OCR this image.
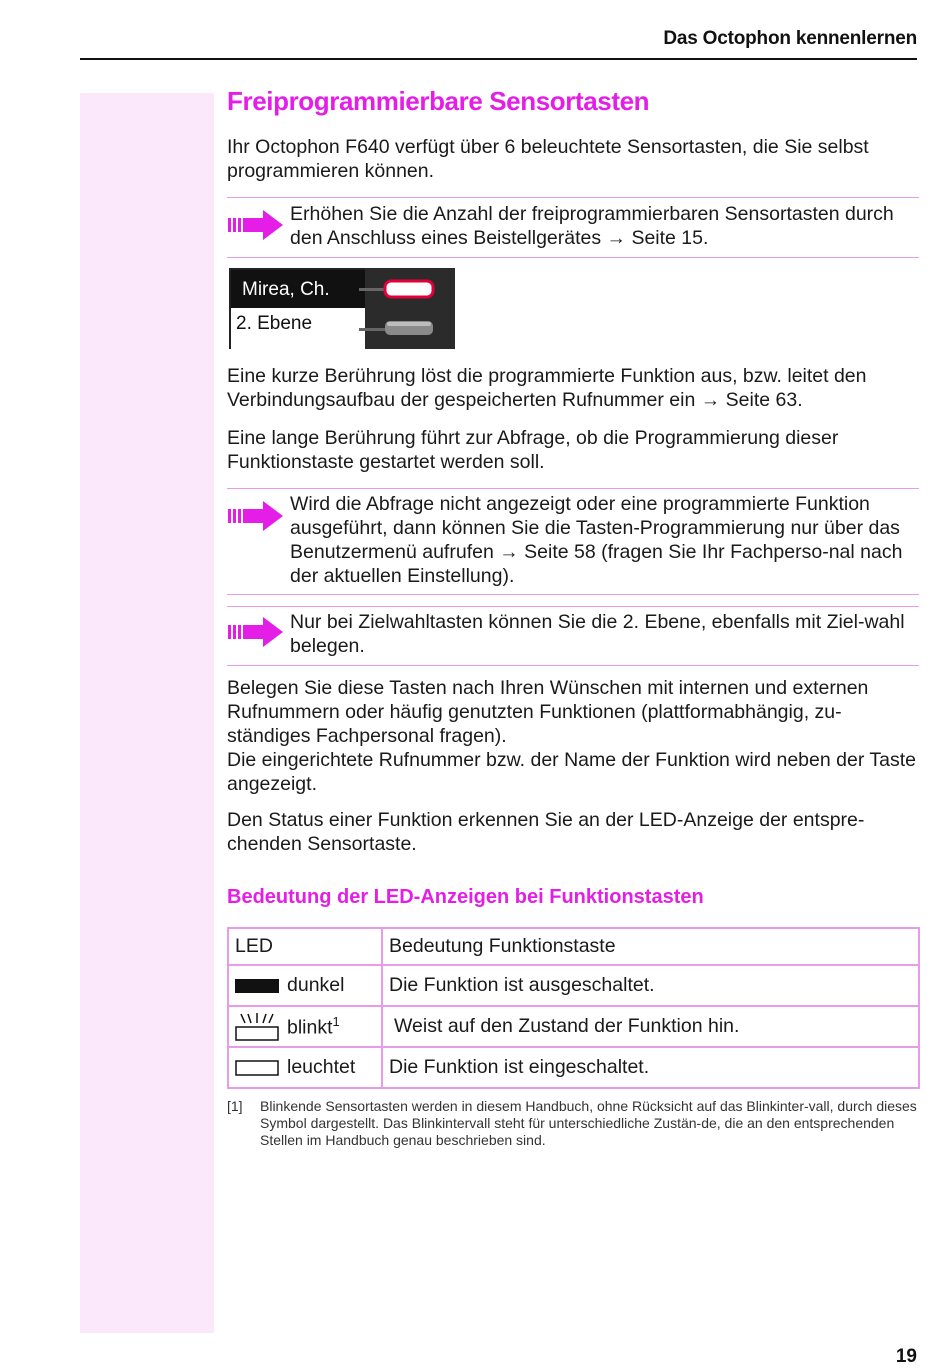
Das Octophon kennenlernen
Freiprogrammierbare Sensortasten
Ihr Octophon F640 verfügt über 6 beleuchtete Sensortasten, die Sie selbst programmieren können.
Erhöhen Sie die Anzahl der freiprogrammierbaren Sensortasten durch den Anschluss eines Beistellgerätes → Seite 15.
Mirea, Ch.
2. Ebene
Eine kurze Berührung löst die programmierte Funktion aus, bzw. leitet den Verbindungsaufbau der gespeicherten Rufnummer ein → Seite 63.
Eine lange Berührung führt zur Abfrage, ob die Programmierung dieser Funktionstaste gestartet werden soll.
Wird die Abfrage nicht angezeigt oder eine programmierte Funktion ausgeführt, dann können Sie die Tasten-Programmierung nur über das Benutzermenü aufrufen → Seite 58 (fragen Sie Ihr Fachperso-nal nach der aktuellen Einstellung).
Nur bei Zielwahltasten können Sie die 2. Ebene, ebenfalls mit Ziel-wahl belegen.
Belegen Sie diese Tasten nach Ihren Wünschen mit internen und externen Rufnummern oder häufig genutzten Funktionen (plattformabhängig, zu-ständiges Fachpersonal fragen).
Die eingerichtete Rufnummer bzw. der Name der Funktion wird neben der Taste angezeigt.
Den Status einer Funktion erkennen Sie an der LED-Anzeige der entspre-chenden Sensortaste.
Bedeutung der LED-Anzeigen bei Funktionstasten
LED		Bedeutung Funktionstaste
	dunkel	Die Funktion ist ausgeschaltet.
	blinkt$^1$	Weist auf den Zustand der Funktion hin.
	leuchtet	Die Funktion ist eingeschaltet.
[1] Blinkende Sensortasten werden in diesem Handbuch, ohne Rücksicht auf das Blinkinter-vall, durch dieses Symbol dargestellt. Das Blinkintervall steht für unterschiedliche Zustän-de, die an den entsprechenden Stellen im Handbuch genau beschrieben sind.
19
